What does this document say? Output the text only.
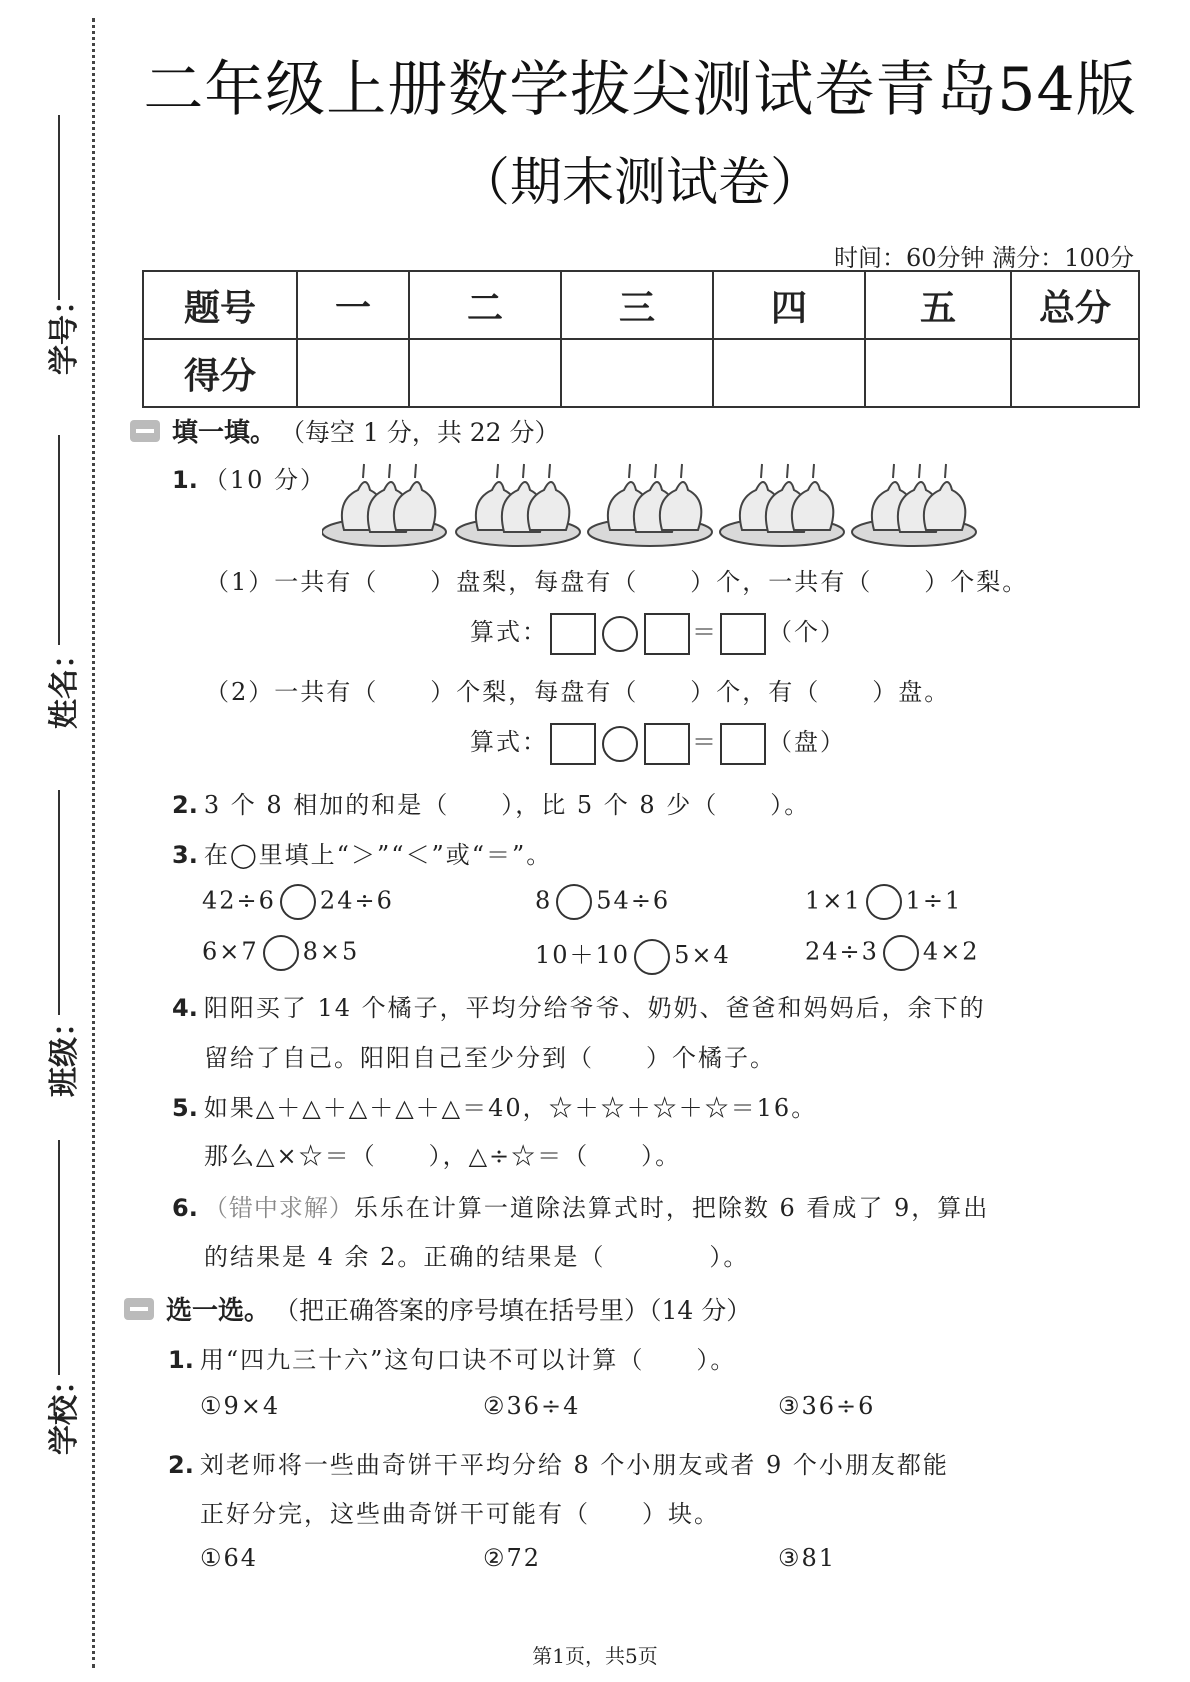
学号：
姓名：
班级：
学校：
二年级上册数学拔尖测试卷青岛54版
（期末测试卷）
时间：60分钟 满分：100分
题号	一	二	三	四	五	总分
得分						
填一填。 （每空 1 分，共 22 分）
1. （10 分）
（1）一共有（　　）盘梨，每盘有（　　）个，一共有（　　）个梨。
算式：	＝ （个）
（2）一共有（　　）个梨，每盘有（　　）个，有（　　）盘。
算式：	＝ （盘）
2. 3 个 8 相加的和是（　　），比 5 个 8 少（　　）。
3. 在◯里填上“＞”“＜”或“＝”。
42÷6 24÷6	8 54÷6	1×1 1÷1
6×7 8×5	10＋10 5×4	24÷3 4×2
4. 阳阳买了 14 个橘子，平均分给爷爷、奶奶、爸爸和妈妈后，余下的
留给了自己。阳阳自己至少分到（　　）个橘子。
5. 如果△＋△＋△＋△＋△＝40，☆＋☆＋☆＋☆＝16。
那么△×☆＝（　　），△÷☆＝（　　）。
6. （错中求解）乐乐在计算一道除法算式时，把除数 6 看成了 9，算出
的结果是 4 余 2。正确的结果是（　　　　）。
选一选。 （把正确答案的序号填在括号里）（14 分）
1. 用“四九三十六”这句口诀不可以计算（　　）。
①9×4	②36÷4	③36÷6
2. 刘老师将一些曲奇饼干平均分给 8 个小朋友或者 9 个小朋友都能
正好分完，这些曲奇饼干可能有（　　）块。
①64	②72	③81
第1页，共5页
